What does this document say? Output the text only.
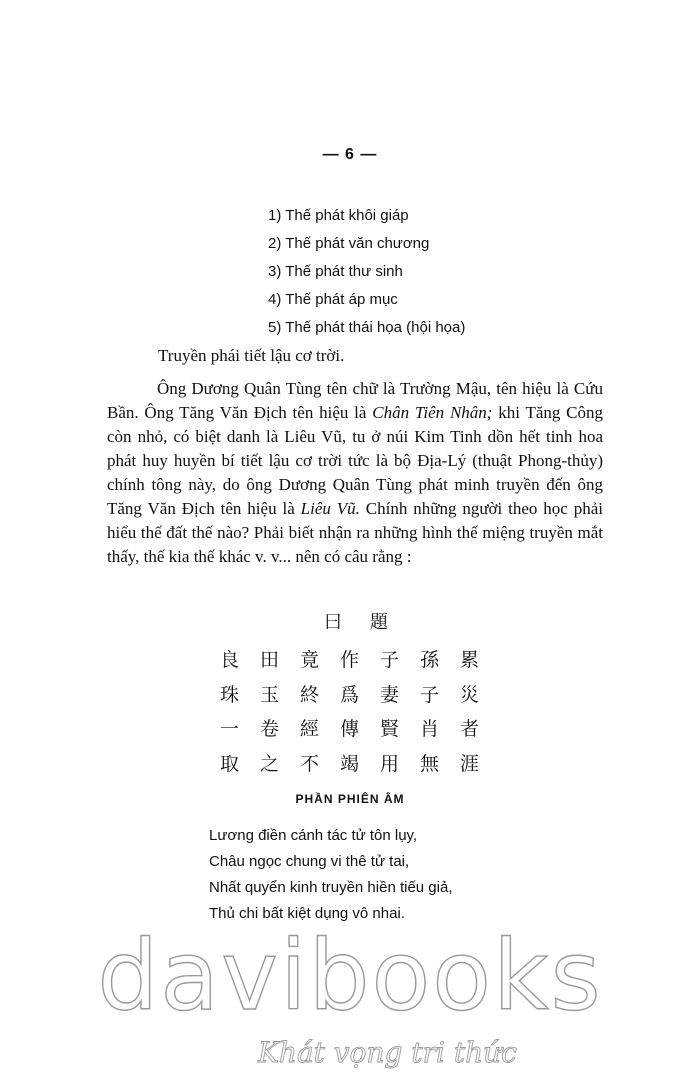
— 6 —
1) Thế phát khôi giáp
2) Thế phát văn chương
3) Thế phát thư sinh
4) Thế phát áp mục
5) Thế phát thái họa (hội họa)

Truyền phái tiết lậu cơ trời.

Ông Dương Quân Tùng tên chữ là Trường Mậu, tên hiệu là Cứu Bần. Ông Tăng Văn Địch tên hiệu là Chân Tiên Nhân; khi Tăng Công còn nhỏ, có biệt danh là Liêu Vũ, tu ở núi Kim Tinh dồn hết tinh hoa phát huy huyền bí tiết lậu cơ trời tức là bộ Địa-Lý (thuật Phong-thủy) chính tông này, do ông Dương Quân Tùng phát minh truyền đến ông Tăng Văn Địch tên hiệu là Liêu Vũ. Chính những người theo học phải hiểu thế đất thế nào? Phải biết nhận ra những hình thế miệng truyền mắt thấy, thế kia thế khác v. v... nên có câu rằng :

曰題
良田竟作子孫累
珠玉終爲妻子災
一卷經傳賢肖者
取之不竭用無涯
PHẦN PHIÊN ÂM
Lương điền cánh tác tử tôn lụy,
Châu ngọc chung vi thê tử tai,
Nhất quyển kinh truyền hiền tiếu giả,
Thủ chi bất kiệt dụng vô nhai.
davibooks
Khát vọng tri thức
